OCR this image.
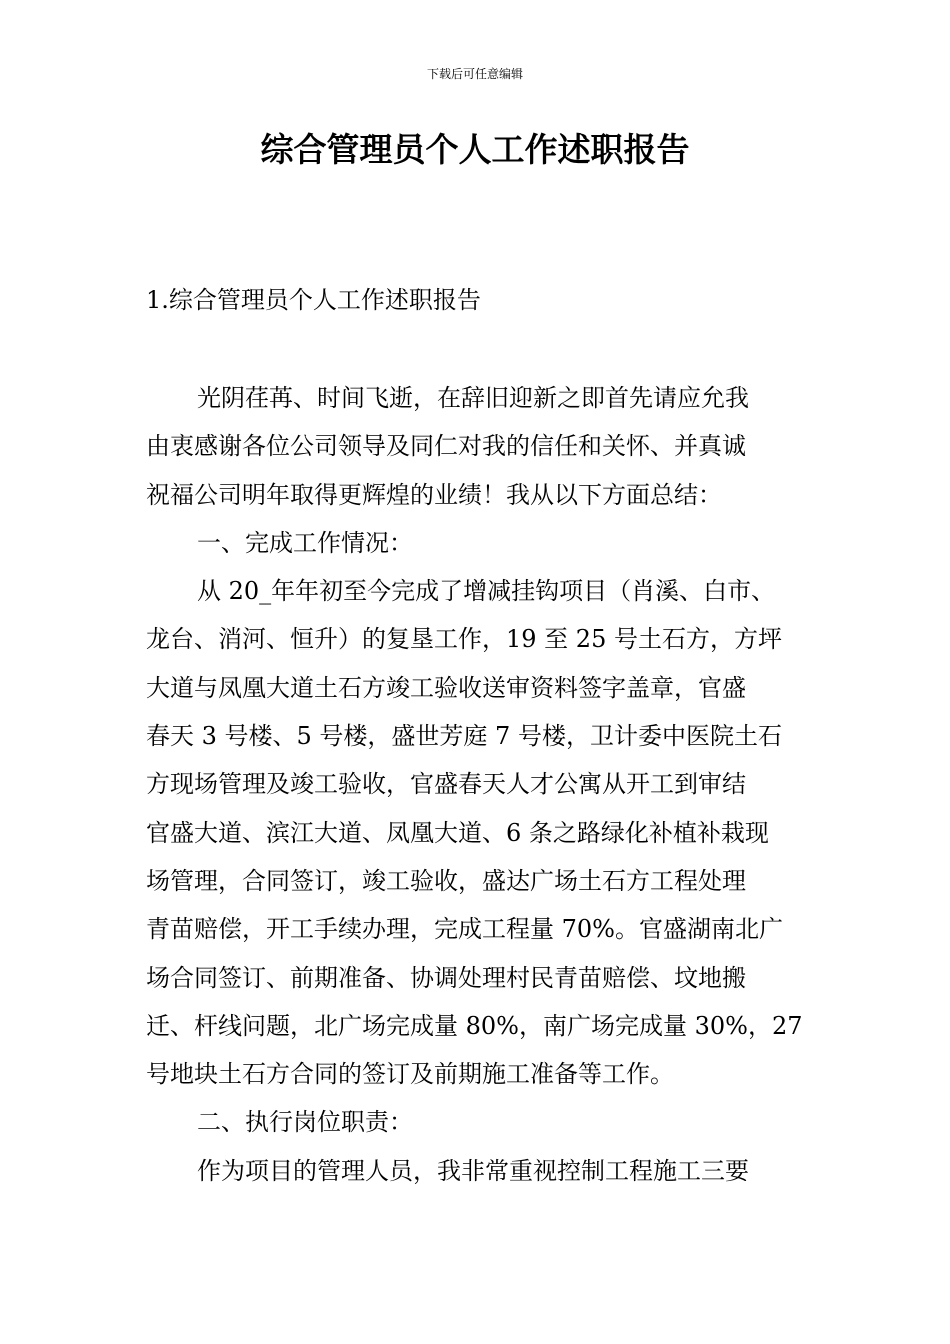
下载后可任意编辑
综合管理员个人工作述职报告
1.综合管理员个人工作述职报告
光阴荏苒、时间飞逝，在辞旧迎新之即首先请应允我
由衷感谢各位公司领导及同仁对我的信任和关怀、并真诚
祝福公司明年取得更辉煌的业绩！我从以下方面总结：
一、完成工作情况：
从 20_年年初至今完成了增减挂钩项目（肖溪、白市、
龙台、消河、恒升）的复垦工作，19 至 25 号土石方，方坪
大道与凤凰大道土石方竣工验收送审资料签字盖章，官盛
春天 3 号楼、5 号楼，盛世芳庭 7 号楼，卫计委中医院土石
方现场管理及竣工验收，官盛春天人才公寓从开工到审结
官盛大道、滨江大道、凤凰大道、6 条之路绿化补植补栽现
场管理，合同签订，竣工验收，盛达广场土石方工程处理
青苗赔偿，开工手续办理，完成工程量 70%。官盛湖南北广
场合同签订、前期准备、协调处理村民青苗赔偿、坟地搬
迁、杆线问题，北广场完成量 80%，南广场完成量 30%，27
号地块土石方合同的签订及前期施工准备等工作。
二、执行岗位职责：
作为项目的管理人员，我非常重视控制工程施工三要
